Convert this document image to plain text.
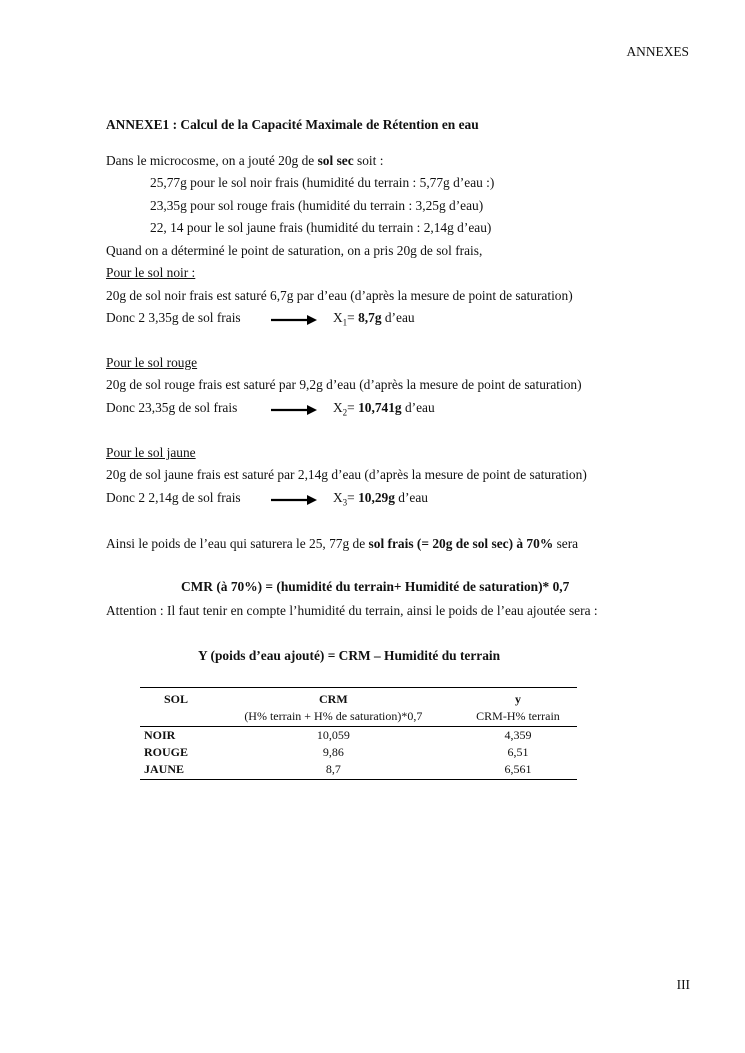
ANNEXES
ANNEXE1 : Calcul de la Capacité Maximale de Rétention en eau
Dans le microcosme, on a jouté 20g de sol sec soit :
25,77g pour le sol noir frais (humidité du terrain : 5,77g d’eau :)
23,35g pour sol rouge frais (humidité du terrain : 3,25g d’eau)
22, 14 pour le sol jaune frais (humidité du terrain : 2,14g d’eau)
Quand on a déterminé le point de saturation, on a pris 20g de sol frais,
Pour le sol noir :
20g de sol noir frais est saturé 6,7g par d’eau (d’après la mesure de point de saturation)
Donc 2 3,35g de sol frais	$X_1= 8,7g$ d’eau
Pour le sol rouge
20g de sol rouge frais est saturé par 9,2g d’eau (d’après la mesure de point de saturation)
Donc 23,35g de sol frais	$X_2= 10,741g$ d’eau
Pour le sol jaune
20g de sol jaune frais est saturé par 2,14g d’eau (d’après la mesure de point de saturation)
Donc 2 2,14g de sol frais	$X_3= 10,29g$ d’eau
Ainsi le poids de l’eau qui saturera le 25, 77g de sol frais (= 20g de sol sec) à 70% sera
CMR (à 70%) = (humidité du terrain+ Humidité de saturation)* 0,7
Attention : Il faut tenir en compte l’humidité du terrain, ainsi le poids de l’eau ajoutée sera :
Y (poids d’eau ajouté) = CRM – Humidité du terrain
SOL	CRM	y
	(H% terrain + H% de saturation)*0,7	CRM-H% terrain
NOIR	10,059	4,359
ROUGE	9,86	6,51
JAUNE	8,7	6,561
III
